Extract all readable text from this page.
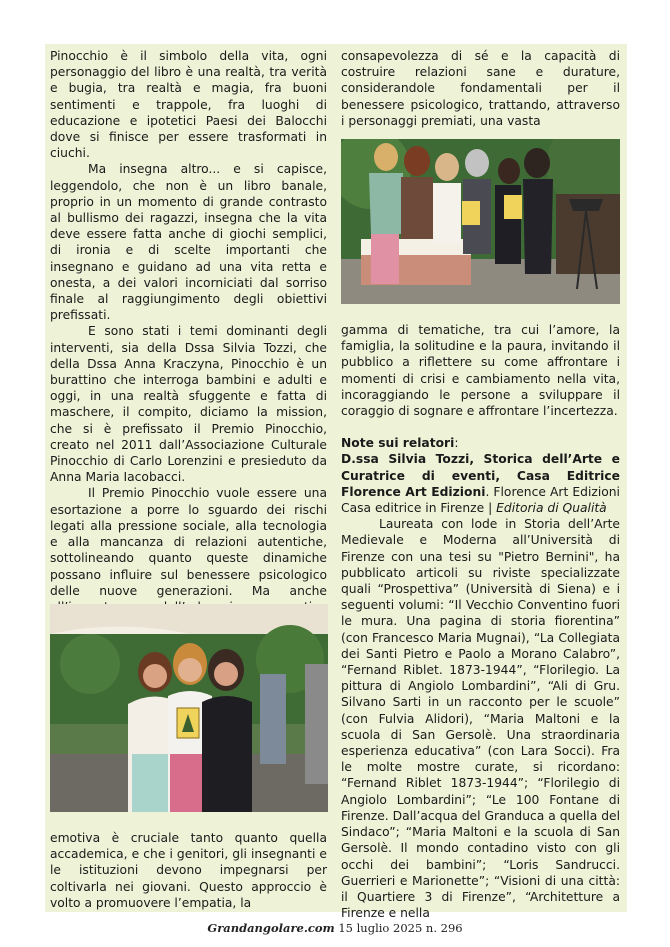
Pinocchio è il simbolo della vita, ogni personaggio del libro è una realtà, tra verità e bugia, tra realtà e magia, fra buoni sentimenti e trappole, fra luoghi di educazione e ipotetici Paesi dei Balocchi dove si finisce per essere trasformati in ciuchi.

Ma insegna altro... e si capisce, leggendolo, che non è un libro banale, proprio in un momento di grande contrasto al bullismo dei ragazzi, insegna che la vita deve essere fatta anche di giochi semplici, di ironia e di scelte importanti che insegnano e guidano ad una vita retta e onesta, a dei valori incorniciati dal sorriso finale al raggiungimento degli obiettivi prefissati.

E sono stati i temi dominanti degli interventi, sia della Dssa Silvia Tozzi, che della Dssa Anna Kraczyna, Pinocchio è un burattino che interroga bambini e adulti e oggi, in una realtà sfuggente e fatta di maschere, il compito, diciamo la mission, che si è prefissato il Premio Pinocchio, creato nel 2011 dall’Associazione Culturale Pinocchio di Carlo Lorenzini e presieduto da Anna Maria Iacobacci.

Il Premio Pinocchio vuole essere una esortazione a porre lo sguardo dei rischi legati alla pressione sociale, alla tecnologia e alla mancanza di relazioni autentiche, sottolineando quanto queste dinamiche possano influire sul benessere psicologico delle nuove generazioni. Ma anche

emotiva è cruciale tanto quanto quella accademica, e che i genitori, gli insegnanti e le istituzioni devono impegnarsi per coltivarla nei giovani. Questo approccio è volto a promuovere l’empatia, la

consapevolezza di sé e la capacità di costruire relazioni sane e durature, considerandole fondamentali per il benessere psicologico, trattando, attraverso i personaggi premiati, una vasta

gamma di tematiche, tra cui l’amore, la famiglia, la solitudine e la paura, invitando il pubblico a riflettere su come affrontare i momenti di crisi e cambiamento nella vita, incoraggiando le persone a sviluppare il coraggio di sognare e affrontare l’incertezza.

Note sui relatori:

D.ssa Silvia Tozzi, Storica dell’Arte e Curatrice di eventi, Casa Editrice Florence Art Edizioni. Florence Art Edizioni Casa editrice in Firenze | Editoria di Qualità

Laureata con lode in Storia dell’Arte Medievale e Moderna all’Università di Firenze con una tesi su "Pietro Bernini", ha pubblicato articoli su riviste specializzate quali “Prospettiva” (Università di Siena) e i seguenti volumi: “Il Vecchio Conventino fuori le mura. Una pagina di storia fiorentina” (con Francesco Maria Mugnai), “La Collegiata dei Santi Pietro e Paolo a Morano Calabro”, “Fernand Riblet. 1873-1944”, “Florilegio. La pittura di Angiolo Lombardini”, “Ali di Gru. Silvano Sarti in un racconto per le scuole” (con Fulvia Alidori), “Maria Maltoni e la scuola di San Gersolè. Una straordinaria esperienza educativa” (con Lara Socci). Fra le molte mostre curate, si ricordano: “Fernand Riblet 1873-1944”; “Florilegio di Angiolo Lombardini”; “Le 100 Fontane di Firenze. Dall’acqua del Granduca a quella del Sindaco”; “Maria Maltoni e la scuola di San Gersolè. Il mondo contadino visto con gli occhi dei bambini”; “Loris Sandrucci. Guerrieri e Marionette”; “Visioni di una città: il Quartiere 3 di Firenze”, “Architetture a Firenze e nella

Grandangolare.com 15 luglio 2025 n. 296
